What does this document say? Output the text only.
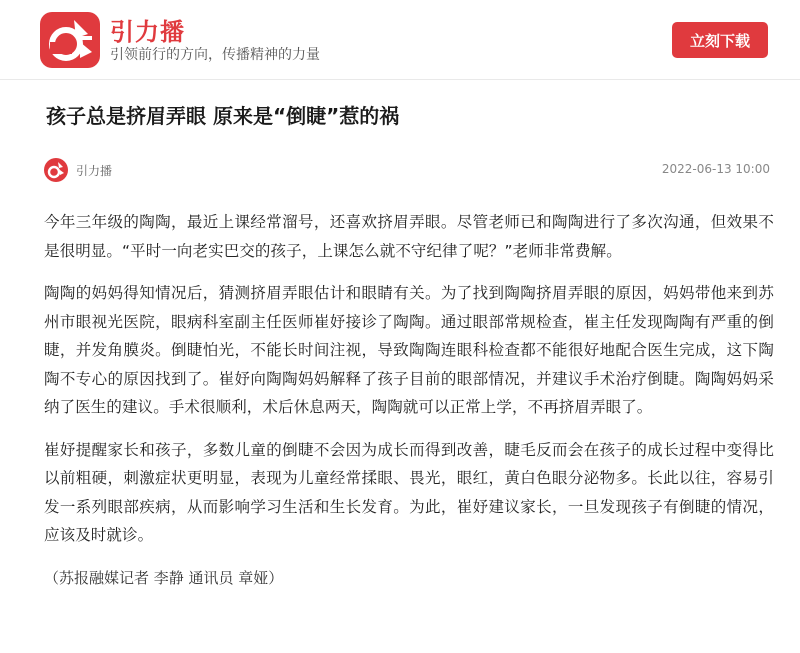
引力播
引领前行的方向，传播精神的力量
立刻下载
孩子总是挤眉弄眼 原来是“倒睫”惹的祸
引力播	2022-06-13 10:00

今年三年级的陶陶，最近上课经常溜号，还喜欢挤眉弄眼。尽管老师已和陶陶进行了多次沟通，但效果不是很明显。“平时一向老实巴交的孩子，上课怎么就不守纪律了呢？”老师非常费解。

陶陶的妈妈得知情况后，猜测挤眉弄眼估计和眼睛有关。为了找到陶陶挤眉弄眼的原因，妈妈带他来到苏州市眼视光医院，眼病科室副主任医师崔妤接诊了陶陶。通过眼部常规检查，崔主任发现陶陶有严重的倒睫，并发角膜炎。倒睫怕光，不能长时间注视，导致陶陶连眼科检查都不能很好地配合医生完成，这下陶陶不专心的原因找到了。崔妤向陶陶妈妈解释了孩子目前的眼部情况，并建议手术治疗倒睫。陶陶妈妈采纳了医生的建议。手术很顺利，术后休息两天，陶陶就可以正常上学，不再挤眉弄眼了。

崔妤提醒家长和孩子，多数儿童的倒睫不会因为成长而得到改善，睫毛反而会在孩子的成长过程中变得比以前粗硬，刺激症状更明显，表现为儿童经常揉眼、畏光，眼红，黄白色眼分泌物多。长此以往，容易引发一系列眼部疾病，从而影响学习生活和生长发育。为此，崔妤建议家长，一旦发现孩子有倒睫的情况，应该及时就诊。

（苏报融媒记者 李静 通讯员 章娅）
